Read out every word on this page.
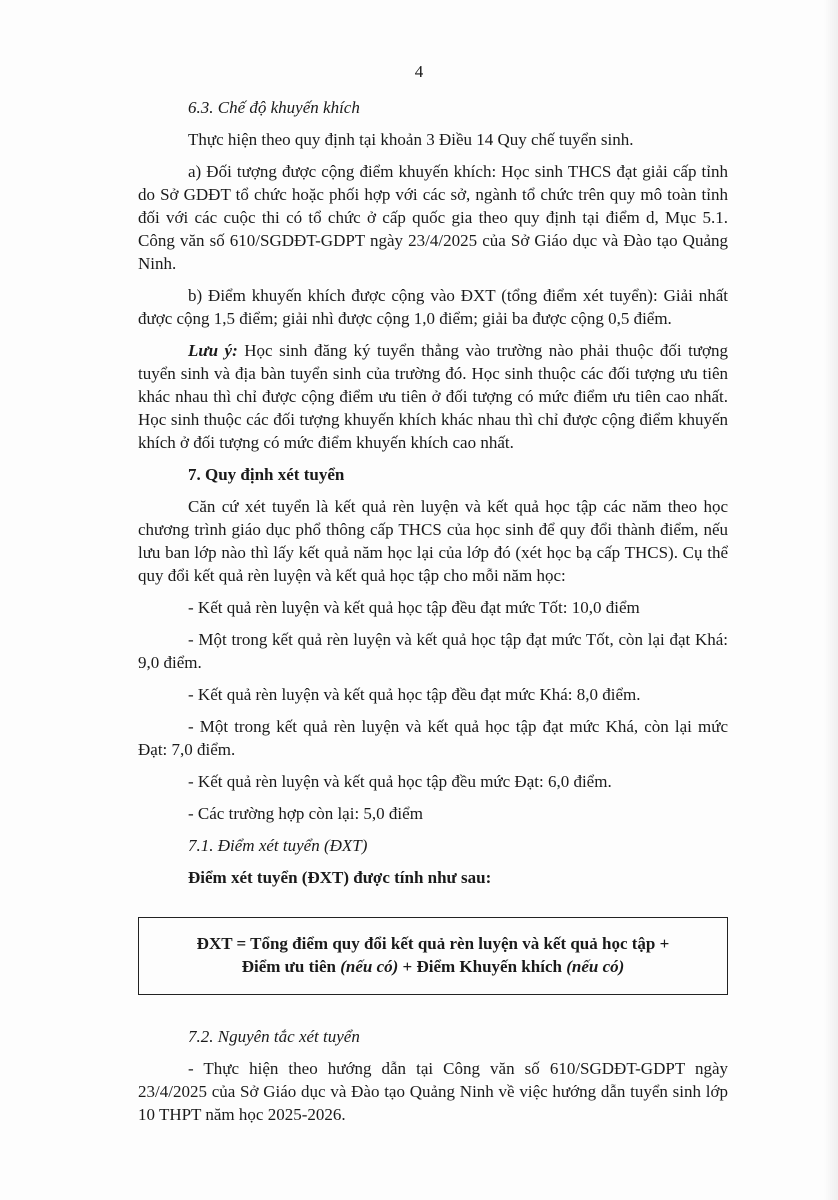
4

6.3. Chế độ khuyến khích

Thực hiện theo quy định tại khoản 3 Điều 14 Quy chế tuyển sinh.

a) Đối tượng được cộng điểm khuyến khích: Học sinh THCS đạt giải cấp tỉnh do Sở GDĐT tổ chức hoặc phối hợp với các sở, ngành tổ chức trên quy mô toàn tỉnh đối với các cuộc thi có tổ chức ở cấp quốc gia theo quy định tại điểm d, Mục 5.1. Công văn số 610/SGDĐT-GDPT ngày 23/4/2025 của Sở Giáo dục và Đào tạo Quảng Ninh.

b) Điểm khuyến khích được cộng vào ĐXT (tổng điểm xét tuyển): Giải nhất được cộng 1,5 điểm; giải nhì được cộng 1,0 điểm; giải ba được cộng 0,5 điểm.

Lưu ý: Học sinh đăng ký tuyển thẳng vào trường nào phải thuộc đối tượng tuyển sinh và địa bàn tuyển sinh của trường đó. Học sinh thuộc các đối tượng ưu tiên khác nhau thì chỉ được cộng điểm ưu tiên ở đối tượng có mức điểm ưu tiên cao nhất. Học sinh thuộc các đối tượng khuyến khích khác nhau thì chỉ được cộng điểm khuyến khích ở đối tượng có mức điểm khuyến khích cao nhất.

7. Quy định xét tuyển

Căn cứ xét tuyển là kết quả rèn luyện và kết quả học tập các năm theo học chương trình giáo dục phổ thông cấp THCS của học sinh để quy đổi thành điểm, nếu lưu ban lớp nào thì lấy kết quả năm học lại của lớp đó (xét học bạ cấp THCS). Cụ thể quy đổi kết quả rèn luyện và kết quả học tập cho mỗi năm học:

- Kết quả rèn luyện và kết quả học tập đều đạt mức Tốt: 10,0 điểm

- Một trong kết quả rèn luyện và kết quả học tập đạt mức Tốt, còn lại đạt Khá: 9,0 điểm.

- Kết quả rèn luyện và kết quả học tập đều đạt mức Khá: 8,0 điểm.

- Một trong kết quả rèn luyện và kết quả học tập đạt mức Khá, còn lại mức Đạt: 7,0 điểm.

- Kết quả rèn luyện và kết quả học tập đều mức Đạt: 6,0 điểm.

- Các trường hợp còn lại: 5,0 điểm

7.1. Điểm xét tuyển (ĐXT)

Điểm xét tuyển (ĐXT) được tính như sau:

ĐXT = Tổng điểm quy đổi kết quả rèn luyện và kết quả học tập +
Điểm ưu tiên (nếu có) + Điểm Khuyến khích (nếu có)

7.2. Nguyên tắc xét tuyển

- Thực hiện theo hướng dẫn tại Công văn số 610/SGDĐT-GDPT ngày 23/4/2025 của Sở Giáo dục và Đào tạo Quảng Ninh về việc hướng dẫn tuyển sinh lớp 10 THPT năm học 2025-2026.
